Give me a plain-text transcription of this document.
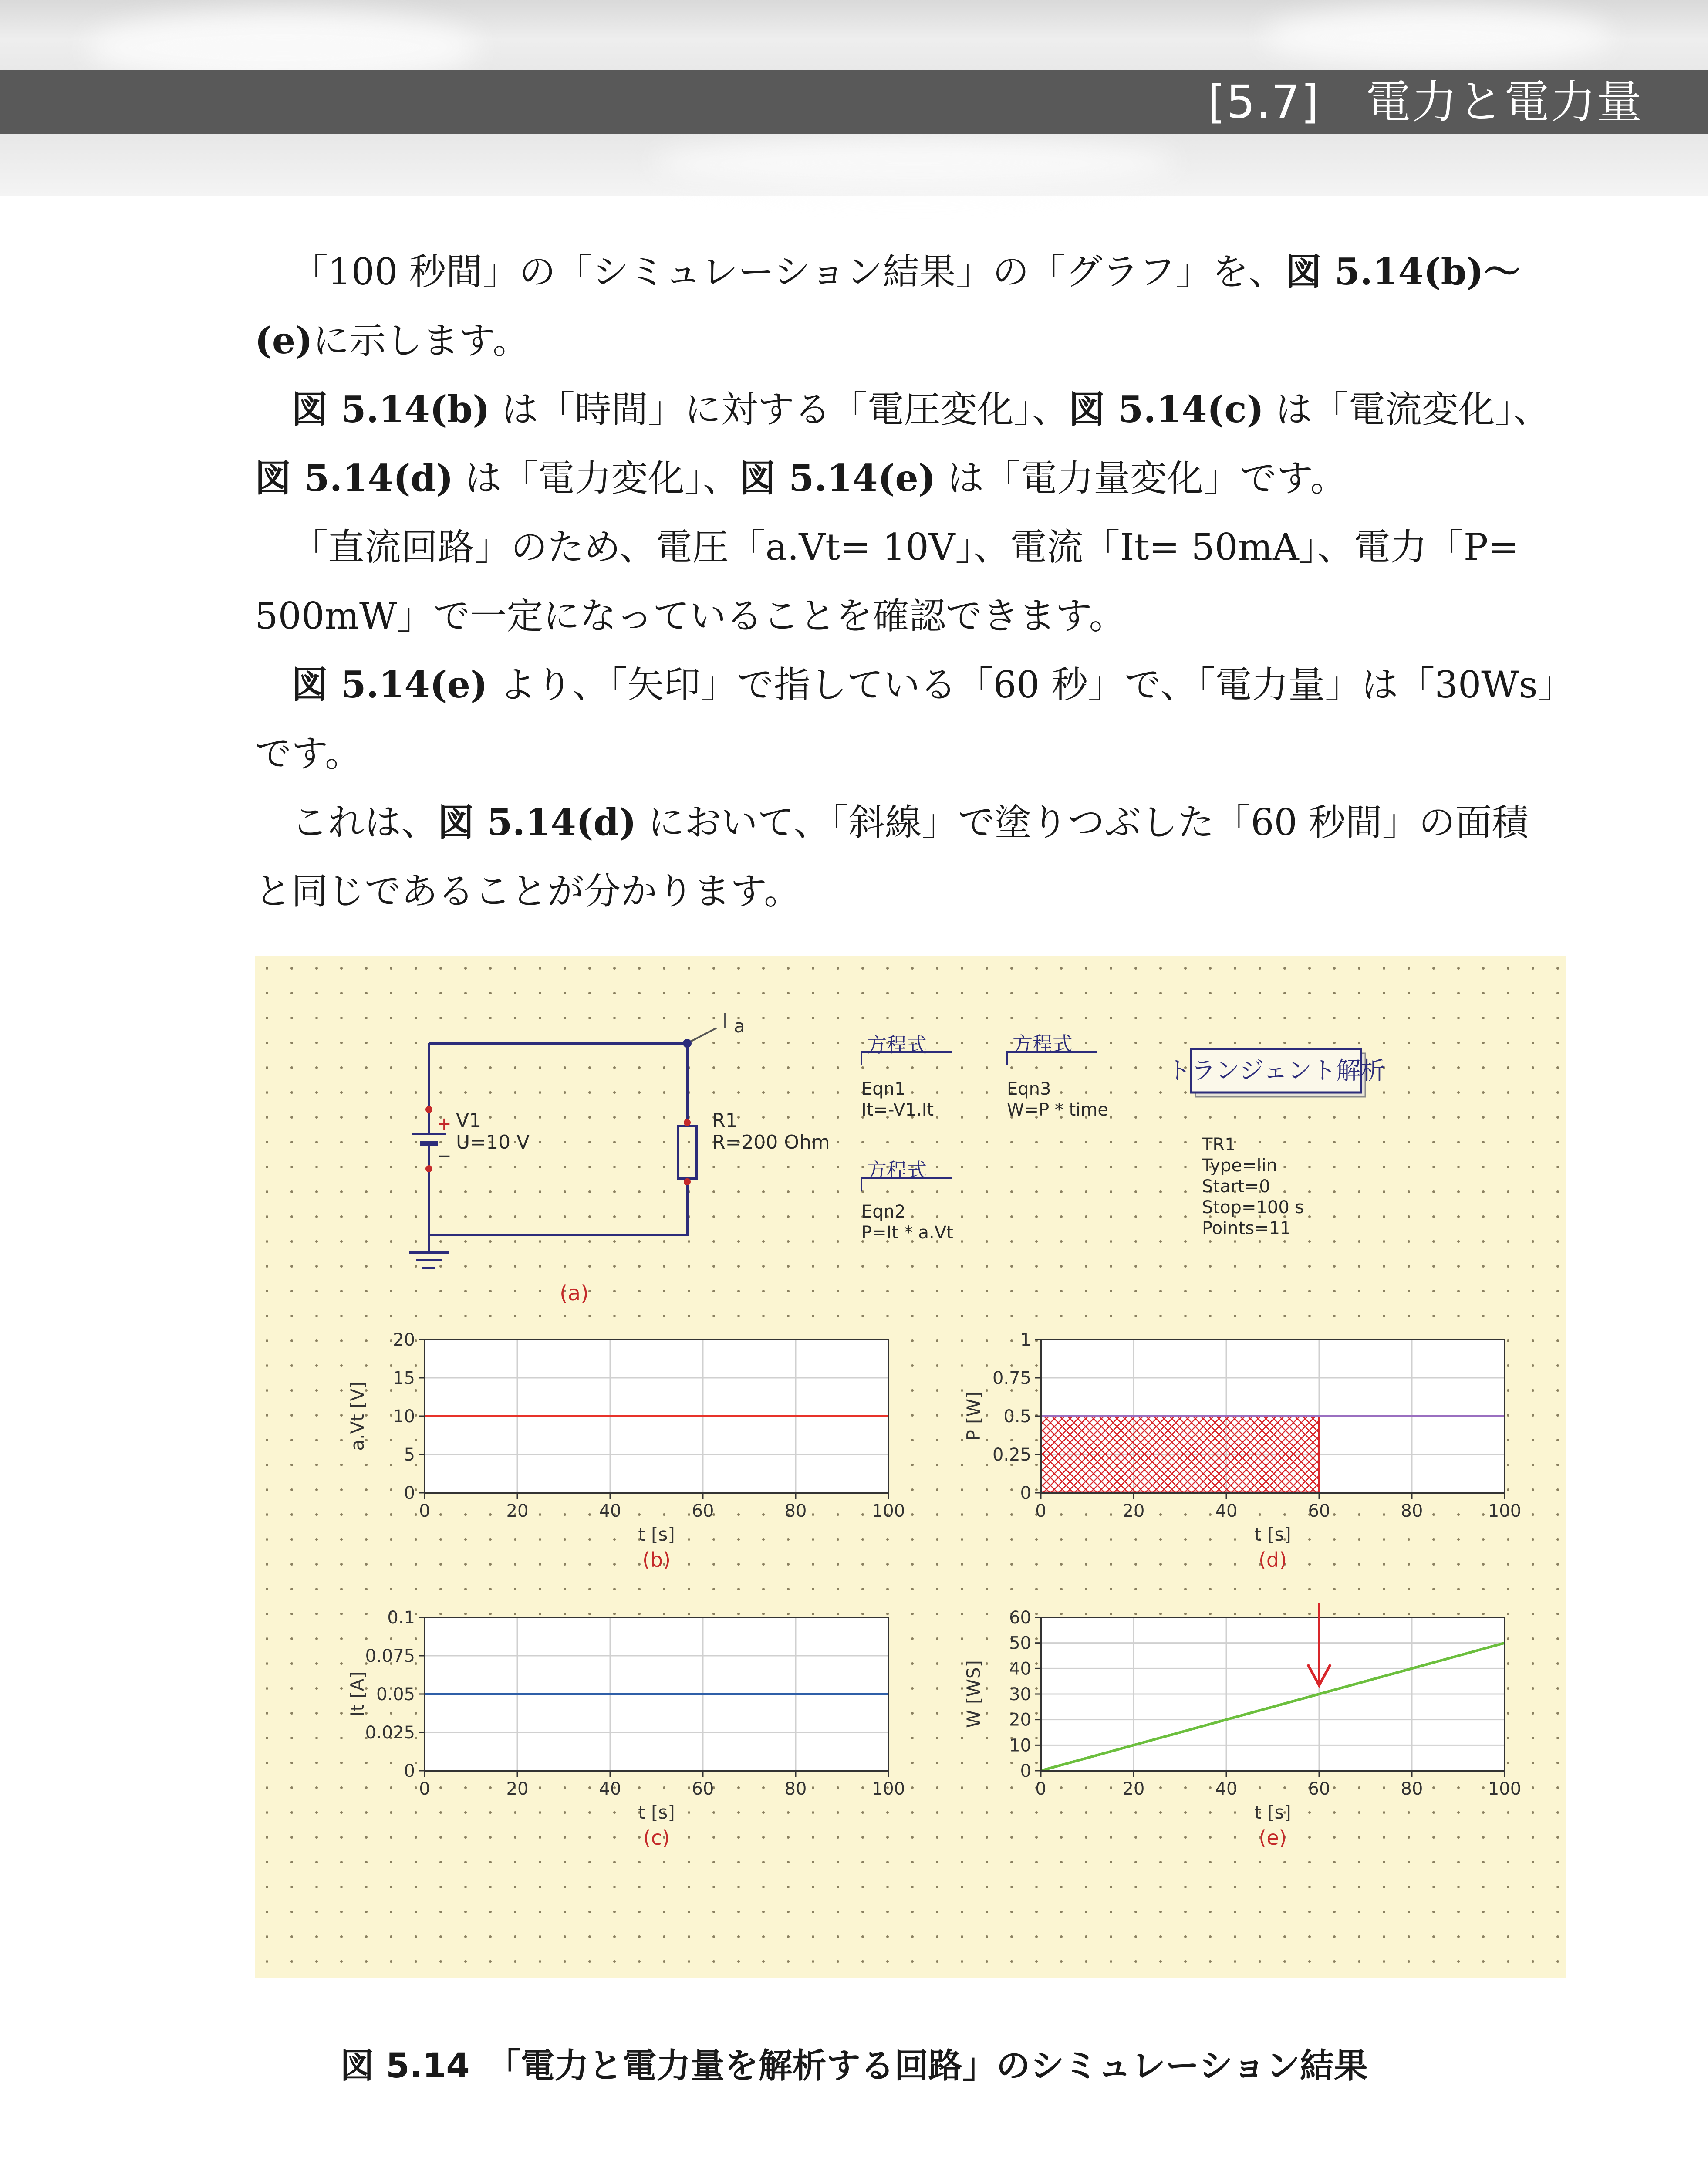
[5.7]　電力と電力量

「100 秒間」の「シミュレーション結果」の「グラフ」を、図 5.14(b)〜(e)に示します。

図 5.14(b) は「時間」に対する「電圧変化」、図 5.14(c) は「電流変化」、図 5.14(d) は「電力変化」、図 5.14(e) は「電力量変化」です。

「直流回路」のため、電圧「a.Vt= 10V」、電流「It= 50mA」、電力「P= 500mW」で一定になっていることを確認できます。

図 5.14(e) より、「矢印」で指している「60 秒」で、「電力量」は「30Ws」です。

これは、図 5.14(d) において、「斜線」で塗りつぶした「60 秒間」の面積と同じであることが分かります。

a
+
−
V1
U=10 V
R1
R=200 Ohm
(a)
方程式
Eqn1
It=-V1.It
方程式
Eqn2
P=It * a.Vt
方程式
Eqn3
W=P * time
トランジェント解析
TR1
Type=lin
Start=0
Stop=100 s
Points=11
0	20	40	60	80	100
0
5
10
15
20
t [s]
a.Vt [V]
(b)
0	20	40	60	80	100
0
0.025
0.05
0.075
0.1
t [s]
It [A]
(c)
0	20	40	60	80	100
0
0.25
0.5
0.75
1
t [s]
P [W]
(d)
0	20	40	60	80	100
0
10
20
30
40
50
60
t [s]
W [WS]
(e)
図 5.14　「電力と電力量を解析する回路」のシミュレーション結果
